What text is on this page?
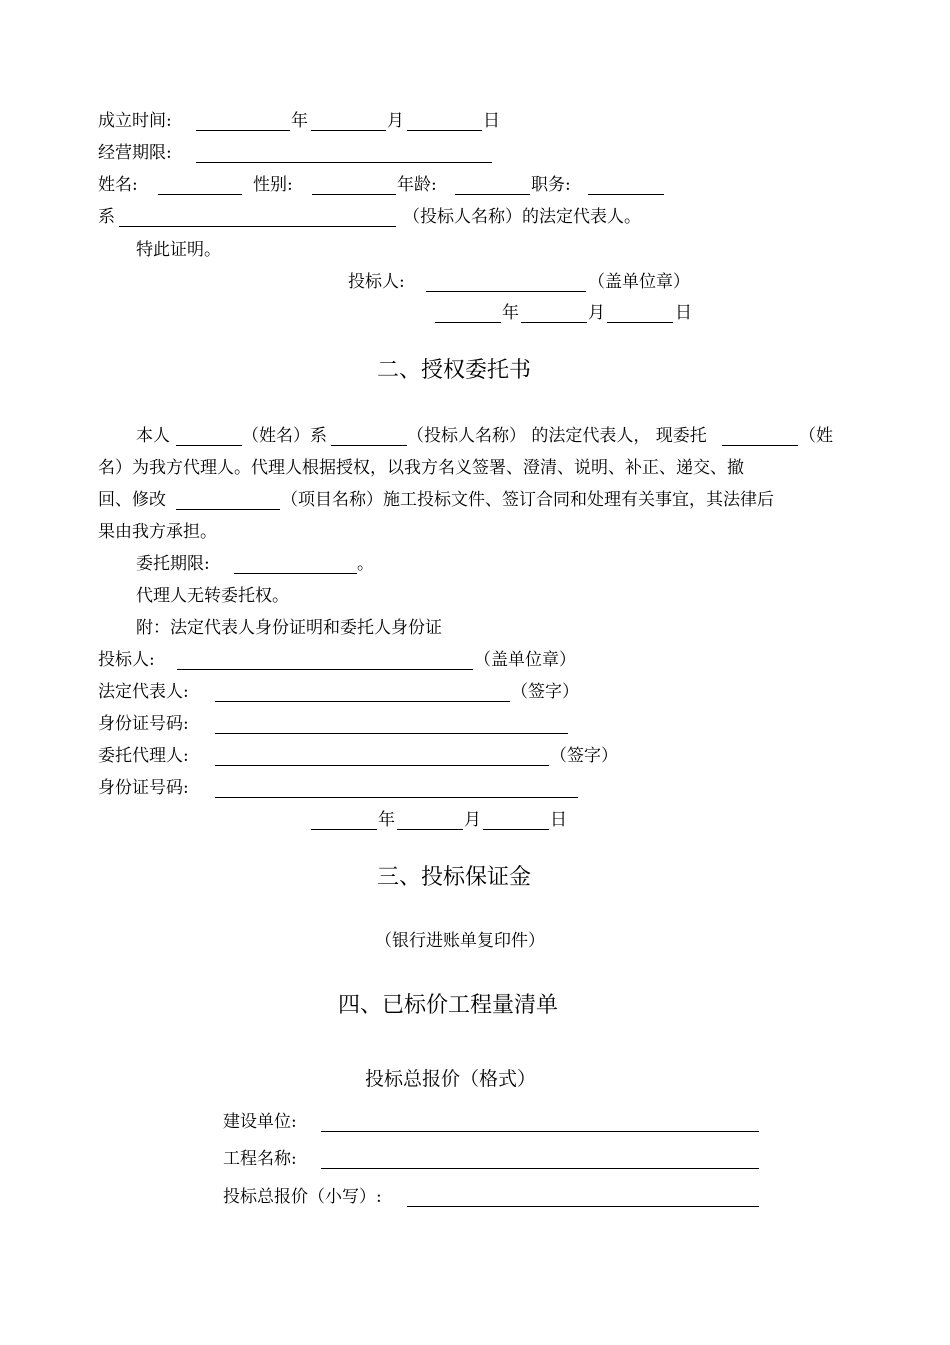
成立时间:	年	月	日
经营期限:
姓名:	性别:	年龄:	职务:
系	（投标人名称）的法定代表人。
特此证明。
投标人:	（盖单位章）
年	月	日
二、授权委托书
本人	（姓名）系	（投标人名称） 的法定代表人， 现委托	（姓
名）为我方代理人。代理人根据授权，以我方名义签署、澄清、说明、补正、递交、撤
回、修改	（项目名称）施工投标文件、签订合同和处理有关事宜，其法律后
果由我方承担。
委托期限:	。
代理人无转委托权。
附：法定代表人身份证明和委托人身份证
投标人:	（盖单位章）
法定代表人:	（签字）
身份证号码:
委托代理人:	（签字）
身份证号码:
年	月	日
三、投标保证金
（银行进账单复印件）
四、已标价工程量清单
投标总报价（格式）
建设单位:
工程名称:
投标总报价（小写）:
